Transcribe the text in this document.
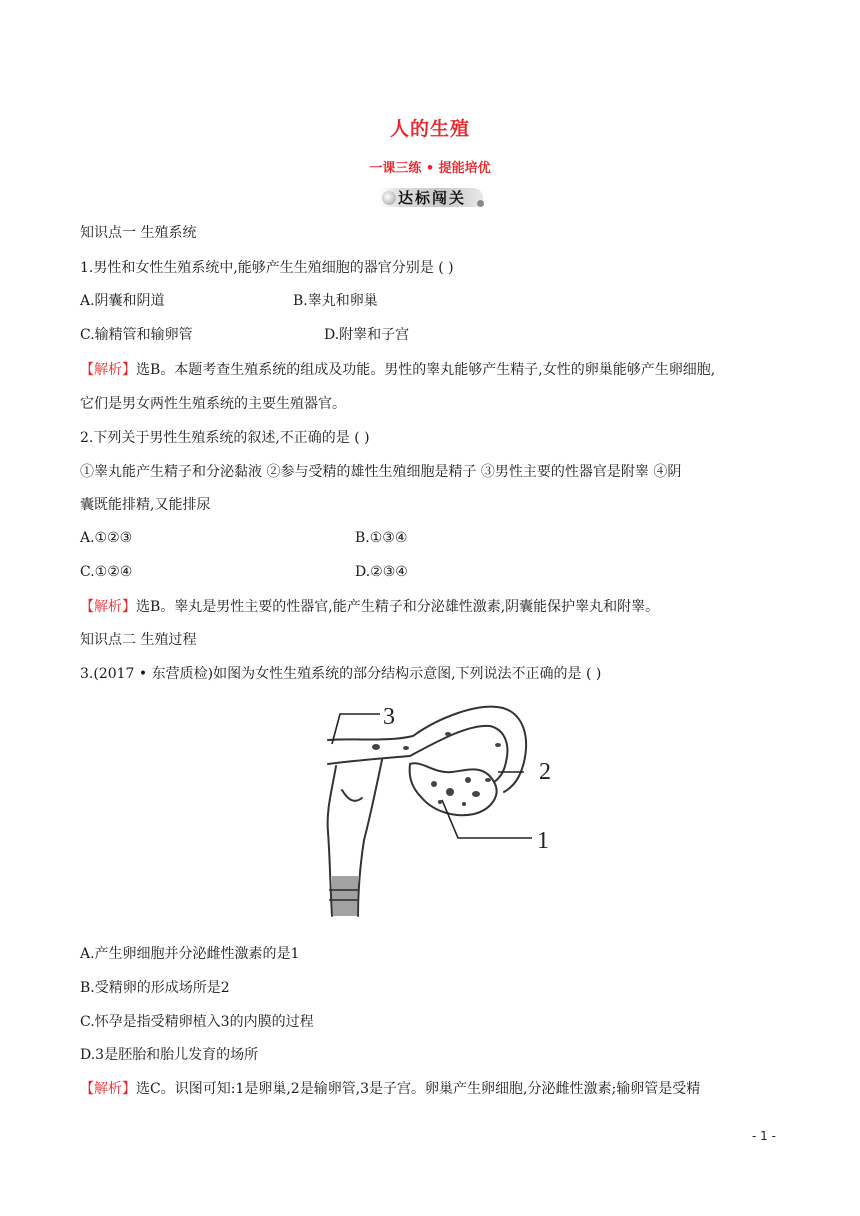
人的生殖
一课三练 • 提能培优
达标闯关
知识点一 生殖系统
1.男性和女性生殖系统中,能够产生生殖细胞的器官分别是 ( )
A.阴囊和阴道	B.睾丸和卵巢
C.输精管和输卵管	D.附睾和子宫
【解析】选B。本题考查生殖系统的组成及功能。男性的睾丸能够产生精子,女性的卵巢能够产生卵细胞,
它们是男女两性生殖系统的主要生殖器官。
2.下列关于男性生殖系统的叙述,不正确的是 ( )
①睾丸能产生精子和分泌黏液 ②参与受精的雄性生殖细胞是精子 ③男性主要的性器官是附睾 ④阴
囊既能排精,又能排尿
A.①②③	B.①③④
C.①②④	D.②③④
【解析】选B。睾丸是男性主要的性器官,能产生精子和分泌雄性激素,阴囊能保护睾丸和附睾。
知识点二 生殖过程
3.(2017 • 东营质检)如图为女性生殖系统的部分结构示意图,下列说法不正确的是 ( )
3
2
1
A.产生卵细胞并分泌雌性激素的是1
B.受精卵的形成场所是2
C.怀孕是指受精卵植入3的内膜的过程
D.3是胚胎和胎儿发育的场所
【解析】选C。识图可知:1是卵巢,2是输卵管,3是子宫。卵巢产生卵细胞,分泌雌性激素;输卵管是受精
- 1 -
